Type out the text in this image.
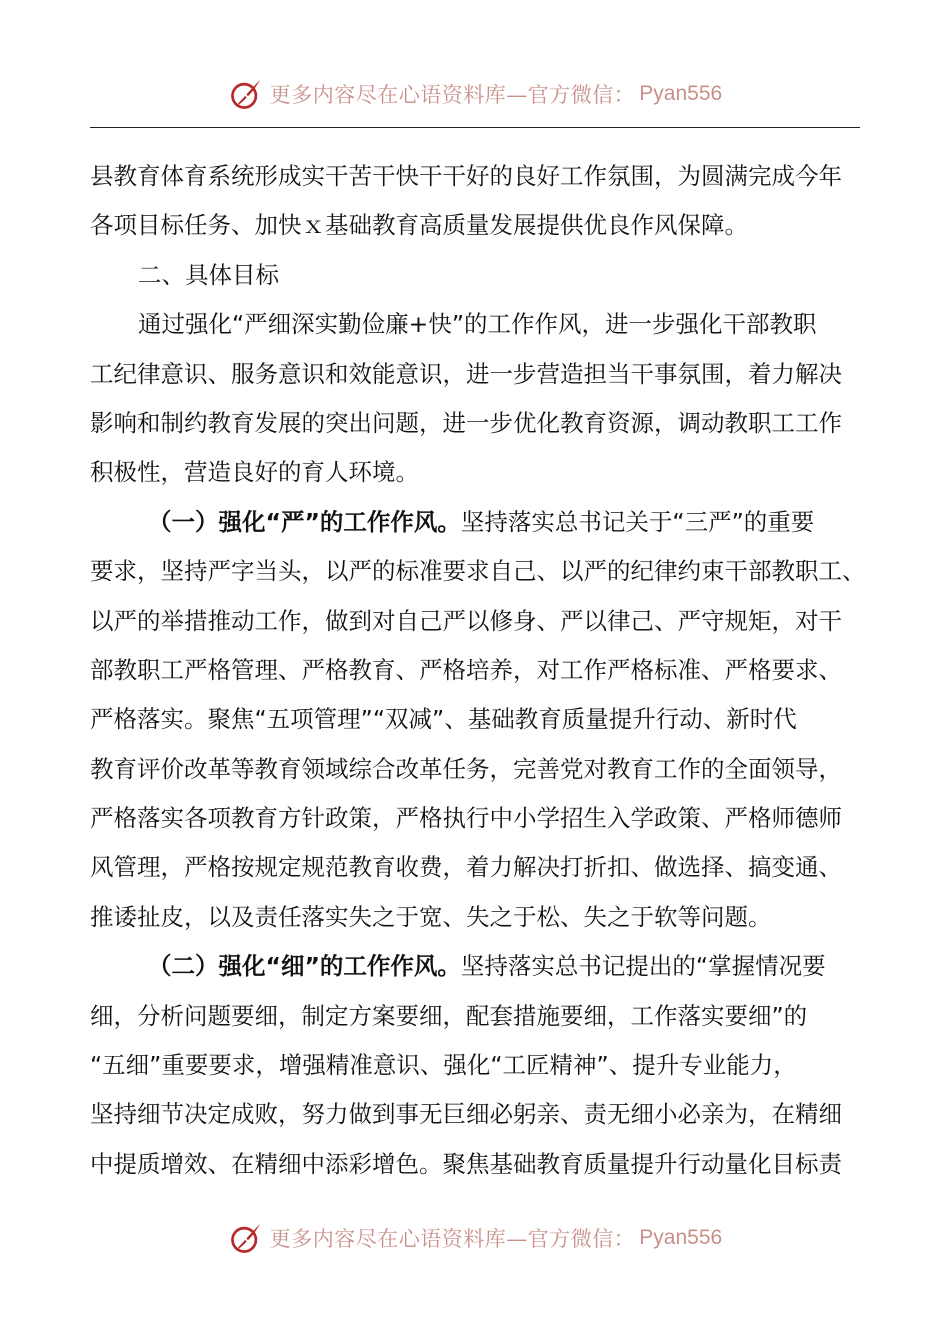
更多内容尽在心语资料库—官方微信： Pyan556
县教育体育系统形成实干苦干快干干好的良好工作氛围，为圆满完成今年
各项目标任务、加快ｘ基础教育高质量发展提供优良作风保障。
二、具体目标
通过强化“严细深实勤俭廉+快”的工作作风，进一步强化干部教职
工纪律意识、服务意识和效能意识，进一步营造担当干事氛围，着力解决
影响和制约教育发展的突出问题，进一步优化教育资源，调动教职工工作
积极性，营造良好的育人环境。
（一）强化“严”的工作作风。坚持落实总书记关于“三严”的重要
要求，坚持严字当头，以严的标准要求自己、以严的纪律约束干部教职工、
以严的举措推动工作，做到对自己严以修身、严以律己、严守规矩，对干
部教职工严格管理、严格教育、严格培养，对工作严格标准、严格要求、
严格落实。聚焦“五项管理”“双减”、基础教育质量提升行动、新时代
教育评价改革等教育领域综合改革任务，完善党对教育工作的全面领导，
严格落实各项教育方针政策，严格执行中小学招生入学政策、严格师德师
风管理，严格按规定规范教育收费，着力解决打折扣、做选择、搞变通、
推诿扯皮，以及责任落实失之于宽、失之于松、失之于软等问题。
（二）强化“细”的工作作风。坚持落实总书记提出的“掌握情况要
细，分析问题要细，制定方案要细，配套措施要细，工作落实要细”的
“五细”重要要求，增强精准意识、强化“工匠精神”、提升专业能力，
坚持细节决定成败，努力做到事无巨细必躬亲、责无细小必亲为，在精细
中提质增效、在精细中添彩增色。聚焦基础教育质量提升行动量化目标责
更多内容尽在心语资料库—官方微信： Pyan556
